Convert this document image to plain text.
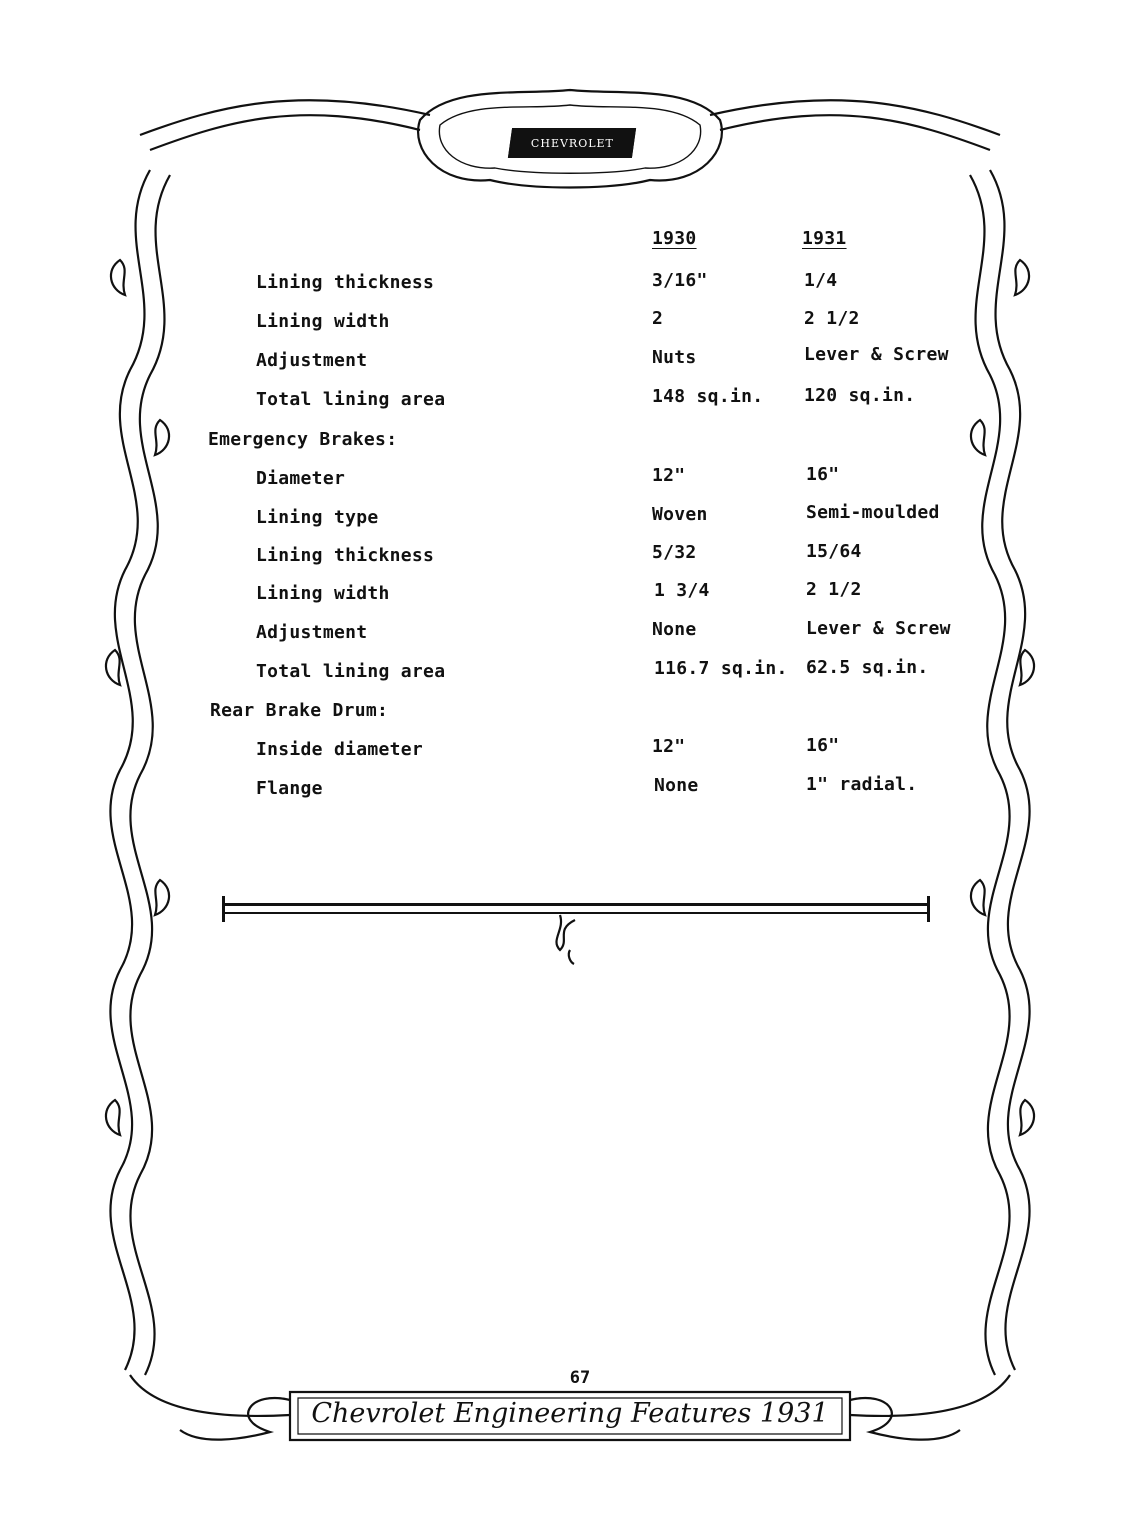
CHEVROLET
1930	1931
Lining thickness	3/16"	1/4
Lining width	2	2 1/2
Adjustment	Nuts	Lever & Screw
Total lining area	148 sq.in. 120 sq.in.
Emergency Brakes:
Diameter	12"	16"
Lining type	Woven	Semi-moulded
Lining thickness	5/32	15/64
Lining width	1 3/4	2 1/2
Adjustment	None	Lever & Screw
Total lining area	116.7 sq.in. 62.5 sq.in.
Rear Brake Drum:
Inside diameter	12"	16"
Flange	None	1" radial.
67
Chevrolet Engineering Features 1931
